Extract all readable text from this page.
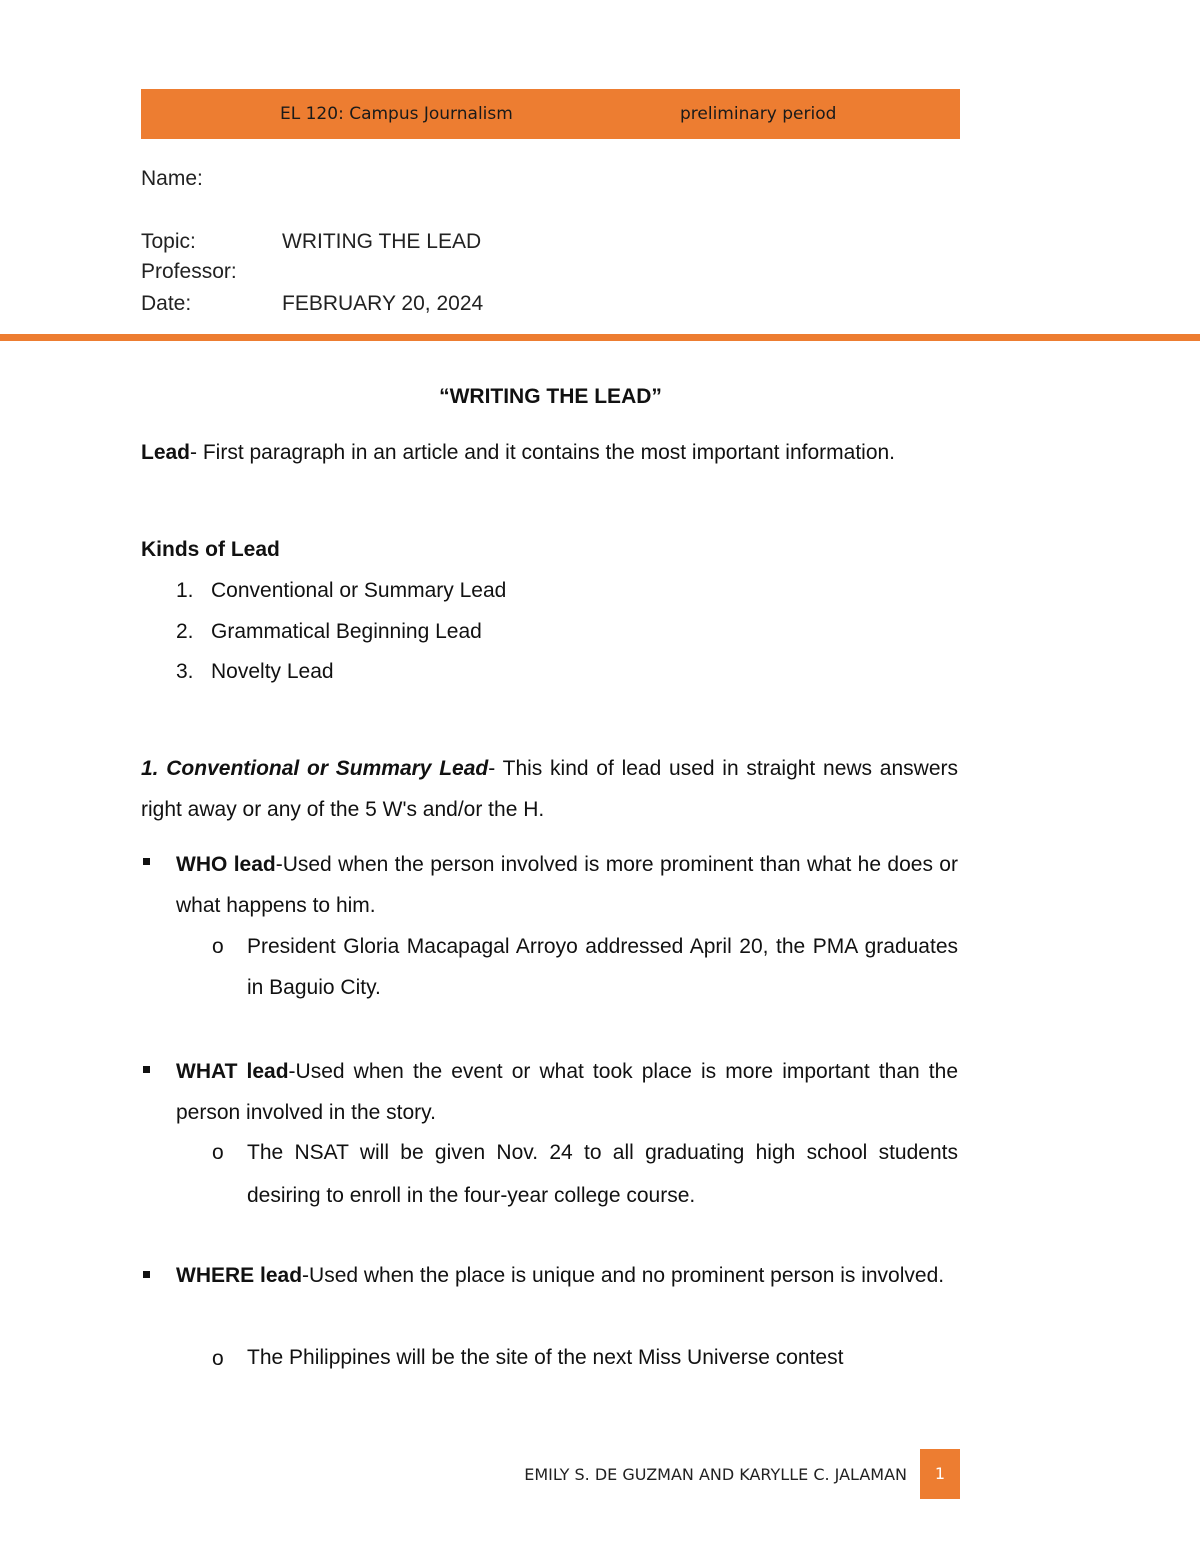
EL 120: Campus Journalism	preliminary period
Name:
Topic:	WRITING THE LEAD
Professor:
Date:	FEBRUARY 20, 2024
“WRITING THE LEAD”
Lead- First paragraph in an article and it contains the most important information.
Kinds of Lead
1. Conventional or Summary Lead
2. Grammatical Beginning Lead
3. Novelty Lead
1. Conventional or Summary Lead- This kind of lead used in straight news answers right away or any of the 5 W's and/or the H.
WHO lead-Used when the person involved is more prominent than what he does or what happens to him.
o President Gloria Macapagal Arroyo addressed April 20, the PMA graduates in Baguio City.
WHAT lead-Used when the event or what took place is more important than the person involved in the story.
o The NSAT will be given Nov. 24 to all graduating high school students desiring to enroll in the four-year college course.
WHERE lead-Used when the place is unique and no prominent person is involved.
o The Philippines will be the site of the next Miss Universe contest
EMILY S. DE GUZMAN AND KARYLLE C. JALAMAN	1
